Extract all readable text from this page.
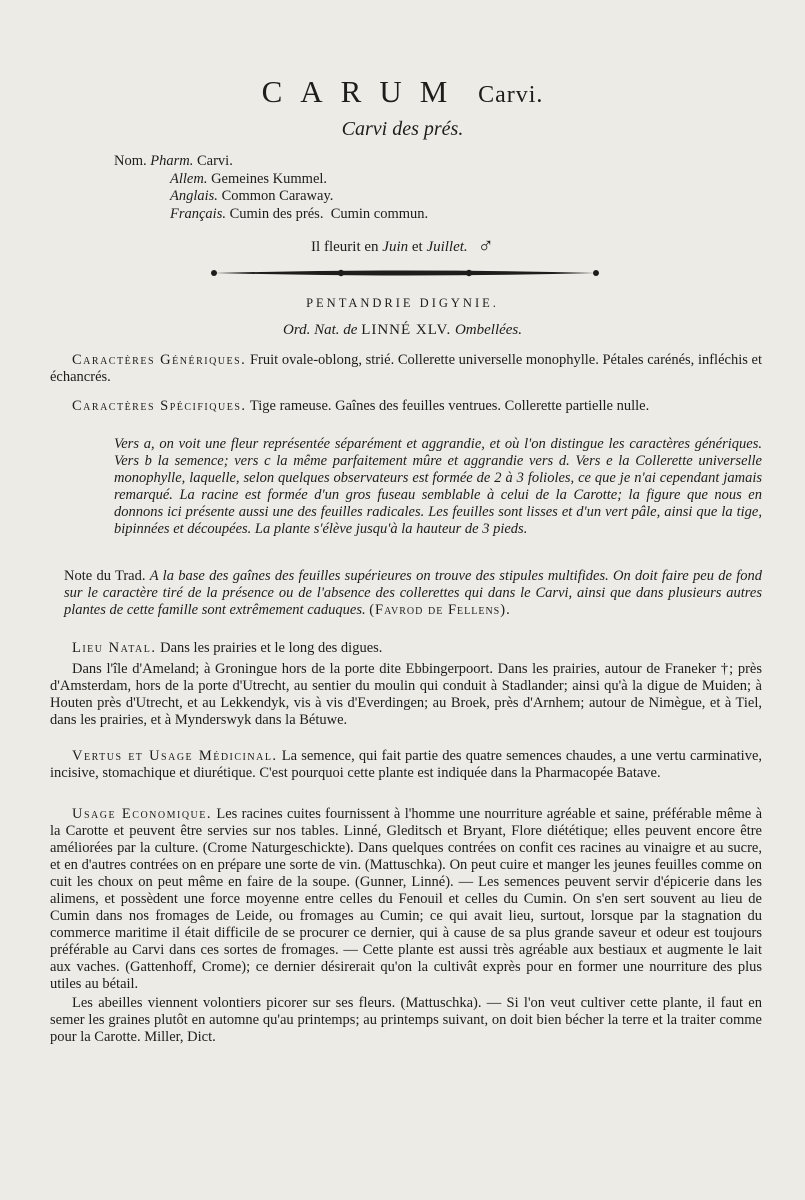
CARUM Carvi.
Carvi des prés.
Nom. Pharm. Carvi.
Allem. Gemeines Kummel.
Anglais. Common Caraway.
Français. Cumin des prés.  Cumin commun.
Il fleurit en Juin et Juillet. ♂
PENTANDRIE DIGYNIE.
Ord. Nat. de LINNÉ XLV. Ombellées.

Caractères Génériques. Fruit ovale-oblong, strié. Collerette universelle monophylle. Pétales carénés, infléchis et échancrés.

Caractères Spécifiques. Tige rameuse. Gaînes des feuilles ventrues. Collerette partielle nulle.

Vers a, on voit une fleur représentée séparément et aggrandie, et où l'on distingue les caractères génériques. Vers b la semence; vers c la même parfaitement mûre et aggrandie vers d. Vers e la Collerette universelle monophylle, laquelle, selon quelques observateurs est formée de 2 à 3 folioles, ce que je n'ai cependant jamais remarqué. La racine est formée d'un gros fuseau semblable à celui de la Carotte; la figure que nous en donnons ici présente aussi une des feuilles radicales. Les feuilles sont lisses et d'un vert pâle, ainsi que la tige, bipinnées et découpées. La plante s'élève jusqu'à la hauteur de 3 pieds.

Note du Trad. A la base des gaînes des feuilles supérieures on trouve des stipules multifides. On doit faire peu de fond sur le caractère tiré de la présence ou de l'absence des collerettes qui dans le Carvi, ainsi que dans plusieurs autres plantes de cette famille sont extrêmement caduques. (Favrod de Fellens).

Lieu Natal. Dans les prairies et le long des digues.

Dans l'île d'Ameland; à Groningue hors de la porte dite Ebbingerpoort. Dans les prairies, autour de Franeker †; près d'Amsterdam, hors de la porte d'Utrecht, au sentier du moulin qui conduit à Stadlander; ainsi qu'à la digue de Muiden; à Houten près d'Utrecht, et au Lekkendyk, vis à vis d'Everdingen; au Broek, près d'Arnhem; autour de Nimègue, et à Tiel, dans les prairies, et à Mynderswyk dans la Bétuwe.

Vertus et Usage Médicinal. La semence, qui fait partie des quatre semences chaudes, a une vertu carminative, incisive, stomachique et diurétique. C'est pourquoi cette plante est indiquée dans la Pharmacopée Batave.

Usage Economique. Les racines cuites fournissent à l'homme une nourriture agréable et saine, préférable même à la Carotte et peuvent être servies sur nos tables. Linné, Gleditsch et Bryant, Flore diététique; elles peuvent encore être améliorées par la culture. (Crome Naturgeschickte). Dans quelques contrées on confit ces racines au vinaigre et au sucre, et en d'autres contrées on en prépare une sorte de vin. (Mattuschka). On peut cuire et manger les jeunes feuilles comme on cuit les choux on peut même en faire de la soupe. (Gunner, Linné). — Les semences peuvent servir d'épicerie dans les alimens, et possèdent une force moyenne entre celles du Fenouil et celles du Cumin. On s'en sert souvent au lieu de Cumin dans nos fromages de Leide, ou fromages au Cumin; ce qui avait lieu, surtout, lorsque par la stagnation du commerce maritime il était difficile de se procurer ce dernier, qui à cause de sa plus grande saveur et odeur est toujours préférable au Carvi dans ces sortes de fromages. — Cette plante est aussi très agréable aux bestiaux et augmente le lait aux vaches. (Gattenhoff, Crome); ce dernier désirerait qu'on la cultivât exprès pour en former une nourriture des plus utiles au bétail.

Les abeilles viennent volontiers picorer sur ses fleurs. (Mattuschka). — Si l'on veut cultiver cette plante, il faut en semer les graines plutôt en automne qu'au printemps; au printemps suivant, on doit bien bécher la terre et la traiter comme pour la Carotte. Miller, Dict.
